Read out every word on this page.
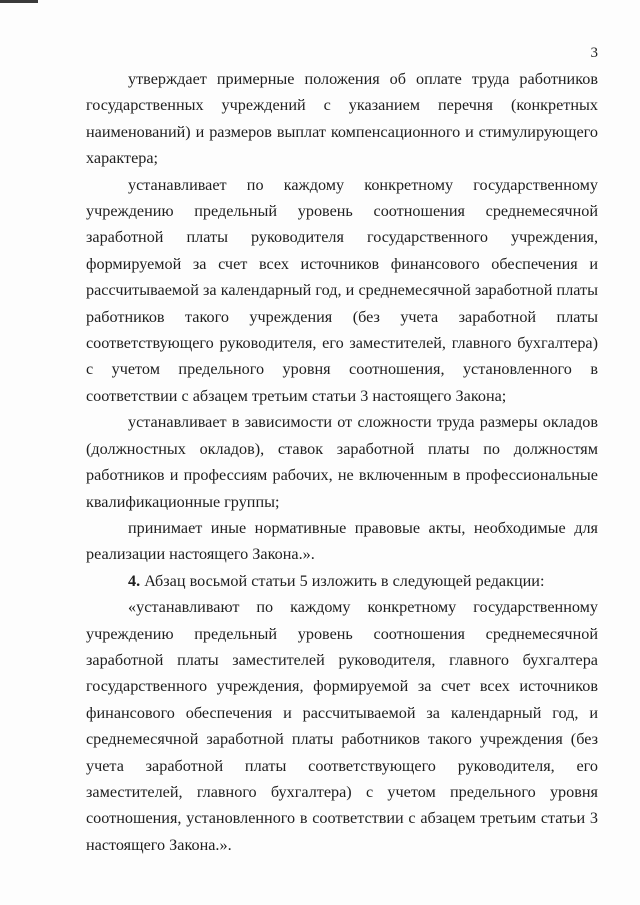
3

утверждает примерные положения об оплате труда работников государственных учреждений с указанием перечня (конкретных наименований) и размеров выплат компенсационного и стимулирующего характера;

устанавливает по каждому конкретному государственному учреждению предельный уровень соотношения среднемесячной заработной платы руководителя государственного учреждения, формируемой за счет всех источников финансового обеспечения и рассчитываемой за календарный год, и среднемесячной заработной платы работников такого учреждения (без учета заработной платы соответствующего руководителя, его заместителей, главного бухгалтера) с учетом предельного уровня соотношения, установленного в соответствии с абзацем третьим статьи 3 настоящего Закона;

устанавливает в зависимости от сложности труда размеры окладов (должностных окладов), ставок заработной платы по должностям работников и профессиям рабочих, не включенным в профессиональные квалификационные группы;

принимает иные нормативные правовые акты, необходимые для реализации настоящего Закона.».

4. Абзац восьмой статьи 5 изложить в следующей редакции:

«устанавливают по каждому конкретному государственному учреждению предельный уровень соотношения среднемесячной заработной платы заместителей руководителя, главного бухгалтера государственного учреждения, формируемой за счет всех источников финансового обеспечения и рассчитываемой за календарный год, и среднемесячной заработной платы работников такого учреждения (без учета заработной платы соответствующего руководителя, его заместителей, главного бухгалтера) с учетом предельного уровня соотношения, установленного в соответствии с абзацем третьим статьи 3 настоящего Закона.».
